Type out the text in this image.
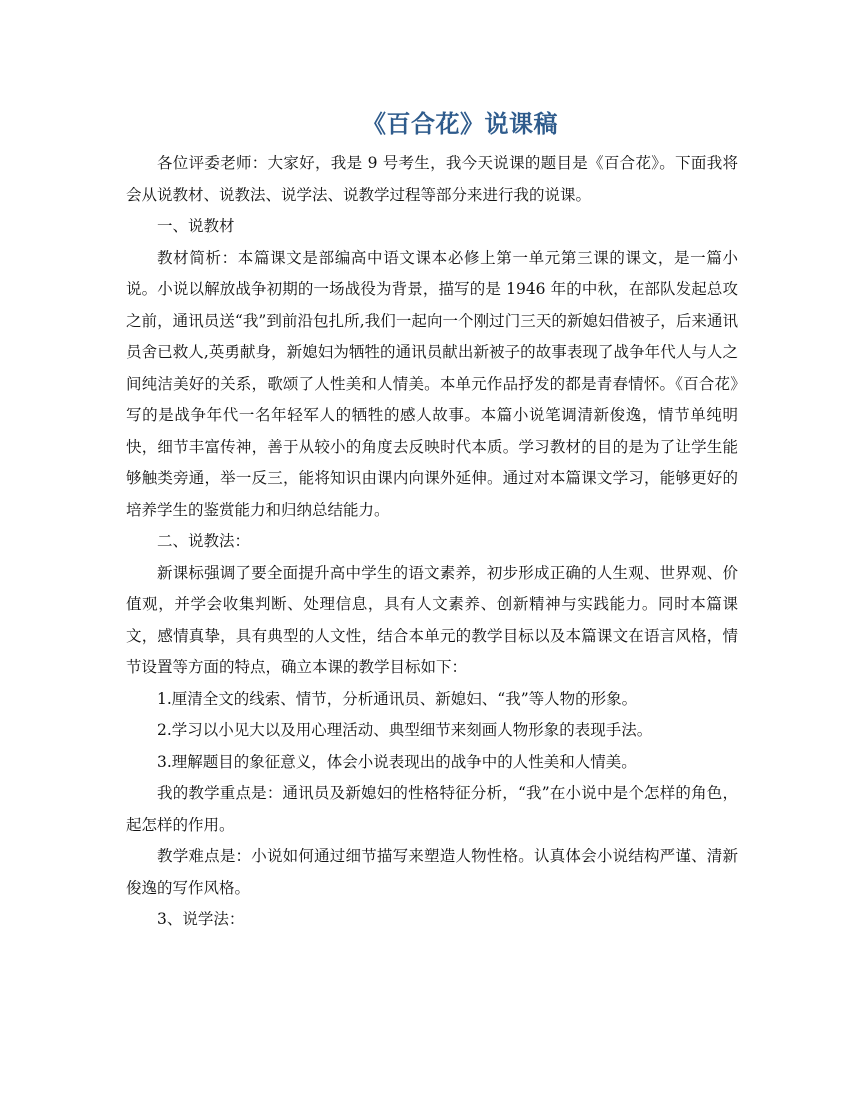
《百合花》说课稿

各位评委老师：大家好，我是 9 号考生，我今天说课的题目是《百合花》。下面我将会从说教材、说教法、说学法、说教学过程等部分来进行我的说课。

一、说教材

教材简析：本篇课文是部编高中语文课本必修上第一单元第三课的课文，是一篇小说。小说以解放战争初期的一场战役为背景，描写的是 1946 年的中秋，在部队发起总攻之前，通讯员送“我”到前沿包扎所,我们一起向一个刚过门三天的新媳妇借被子，后来通讯员舍已救人,英勇献身，新媳妇为牺牲的通讯员献出新被子的故事表现了战争年代人与人之间纯洁美好的关系，歌颂了人性美和人情美。本单元作品抒发的都是青春情怀。《百合花》写的是战争年代一名年轻军人的牺牲的感人故事。本篇小说笔调清新俊逸，情节单纯明快，细节丰富传神，善于从较小的角度去反映时代本质。学习教材的目的是为了让学生能够触类旁通，举一反三，能将知识由课内向课外延伸。通过对本篇课文学习，能够更好的培养学生的鉴赏能力和归纳总结能力。

二、说教法：

新课标强调了要全面提升高中学生的语文素养，初步形成正确的人生观、世界观、价值观，并学会收集判断、处理信息，具有人文素养、创新精神与实践能力。同时本篇课文，感情真挚，具有典型的人文性，结合本单元的教学目标以及本篇课文在语言风格，情节设置等方面的特点，确立本课的教学目标如下：

1.厘清全文的线索、情节，分析通讯员、新媳妇、“我”等人物的形象。

2.学习以小见大以及用心理活动、典型细节来刻画人物形象的表现手法。

3.理解题目的象征意义，体会小说表现出的战争中的人性美和人情美。

我的教学重点是：通讯员及新媳妇的性格特征分析，“我”在小说中是个怎样的角色，起怎样的作用。

教学难点是：小说如何通过细节描写来塑造人物性格。认真体会小说结构严谨、清新俊逸的写作风格。

3、说学法：
